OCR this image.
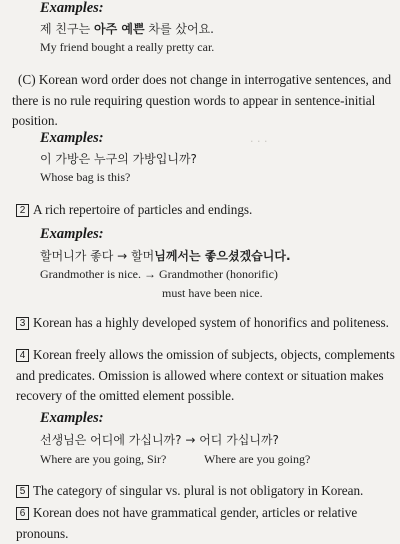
· · ·
Examples:
제 친구는 아주 예쁜 차를 샀어요.
My friend bought a really pretty car.
(C) Korean word order does not change in interrogative sentences, and there is no rule requiring question words to appear in sentence-initial position.
Examples:
이 가방은 누구의 가방입니까?
Whose bag is this?
2 A rich repertoire of particles and endings.
Examples:
할머니가 좋다 → 할머님께서는 좋으셨겠습니다.
Grandmother is nice. → Grandmother (honorific)
must have been nice.
3 Korean has a highly developed system of honorifics and politeness.
4 Korean freely allows the omission of subjects, objects, complements and predicates. Omission is allowed where context or situation makes recovery of the omitted element possible.
Examples:
선생님은 어디에 가십니까? → 어디 가십니까?
Where are you going, Sir?	Where are you going?
5 The category of singular vs. plural is not obligatory in Korean.
6 Korean does not have grammatical gender, articles or relative pronouns.
